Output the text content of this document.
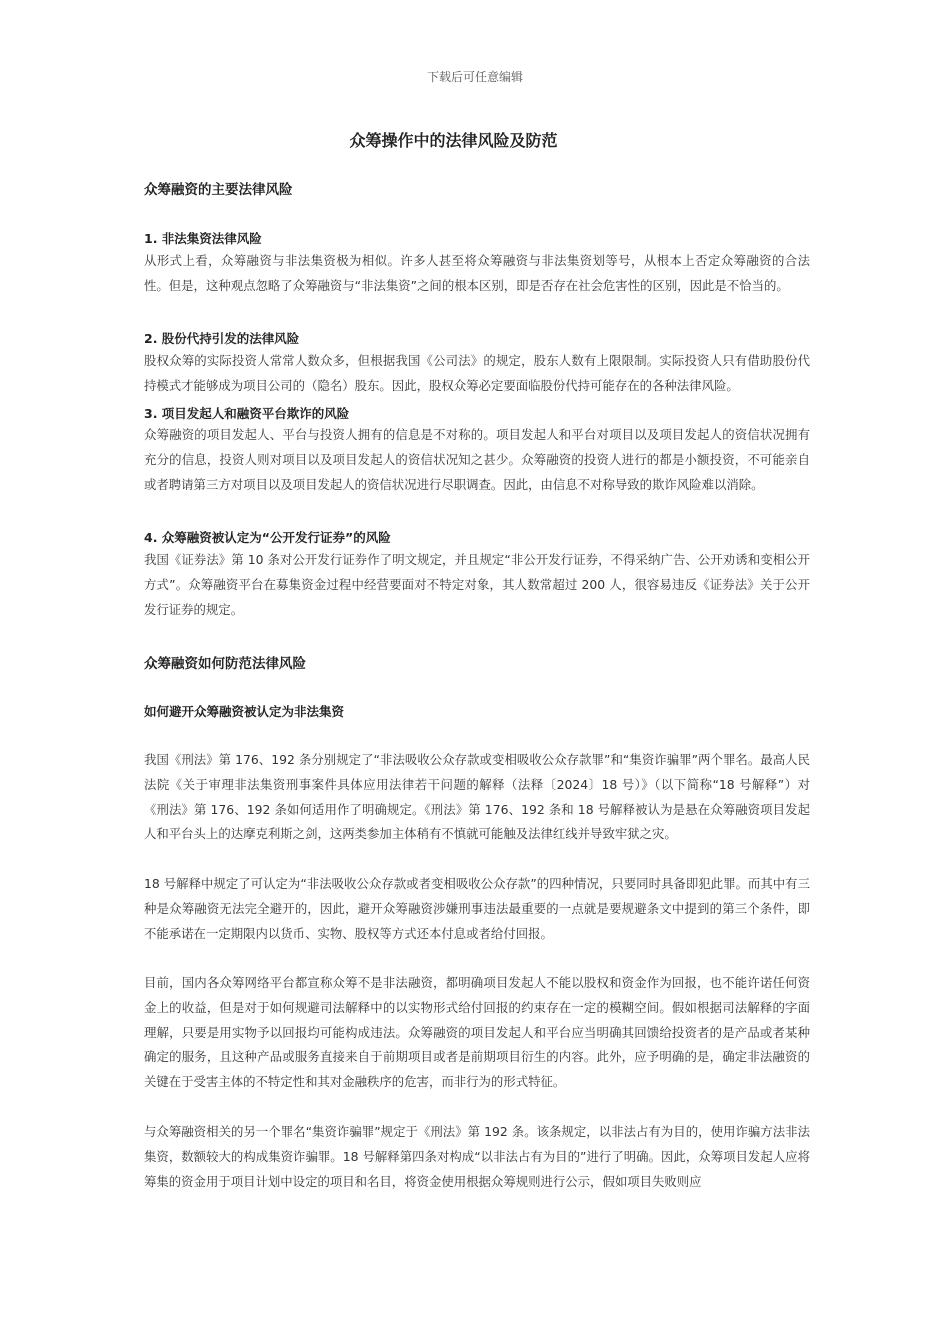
下载后可任意编辑
众筹操作中的法律风险及防范
众筹融资的主要法律风险
1. 非法集资法律风险

从形式上看，众筹融资与非法集资极为相似。许多人甚至将众筹融资与非法集资划等号，从根本上否定众筹融资的合法性。但是，这种观点忽略了众筹融资与“非法集资”之间的根本区别，即是否存在社会危害性的区别，因此是不恰当的。

2. 股份代持引发的法律风险

股权众筹的实际投资人常常人数众多，但根据我国《公司法》的规定，股东人数有上限限制。实际投资人只有借助股份代持模式才能够成为项目公司的（隐名）股东。因此，股权众筹必定要面临股份代持可能存在的各种法律风险。

3. 项目发起人和融资平台欺诈的风险

众筹融资的项目发起人、平台与投资人拥有的信息是不对称的。项目发起人和平台对项目以及项目发起人的资信状况拥有充分的信息，投资人则对项目以及项目发起人的资信状况知之甚少。众筹融资的投资人进行的都是小额投资，不可能亲自或者聘请第三方对项目以及项目发起人的资信状况进行尽职调查。因此，由信息不对称导致的欺诈风险难以消除。

4. 众筹融资被认定为“公开发行证券”的风险

我国《证券法》第 10 条对公开发行证券作了明文规定，并且规定“非公开发行证券，不得采纳广告、公开劝诱和变相公开方式”。众筹融资平台在募集资金过程中经营要面对不特定对象，其人数常超过 200 人，很容易违反《证券法》关于公开发行证券的规定。

众筹融资如何防范法律风险
如何避开众筹融资被认定为非法集资

我国《刑法》第 176、192 条分别规定了“非法吸收公众存款或变相吸收公众存款罪”和“集资诈骗罪”两个罪名。最高人民法院《关于审理非法集资刑事案件具体应用法律若干问题的解释（法释〔2024〕18 号）》（以下简称“18 号解释”）对《刑法》第 176、192 条如何适用作了明确规定。《刑法》第 176、192 条和 18 号解释被认为是悬在众筹融资项目发起人和平台头上的达摩克利斯之剑，这两类参加主体稍有不慎就可能触及法律红线并导致牢狱之灾。

18 号解释中规定了可认定为“非法吸收公众存款或者变相吸收公众存款”的四种情况，只要同时具备即犯此罪。而其中有三种是众筹融资无法完全避开的，因此，避开众筹融资涉嫌刑事违法最重要的一点就是要规避条文中提到的第三个条件，即不能承诺在一定期限内以货币、实物、股权等方式还本付息或者给付回报。

目前，国内各众筹网络平台都宣称众筹不是非法融资，都明确项目发起人不能以股权和资金作为回报，也不能许诺任何资金上的收益，但是对于如何规避司法解释中的以实物形式给付回报的约束存在一定的模糊空间。假如根据司法解释的字面理解，只要是用实物予以回报均可能构成违法。众筹融资的项目发起人和平台应当明确其回馈给投资者的是产品或者某种确定的服务，且这种产品或服务直接来自于前期项目或者是前期项目衍生的内容。此外，应予明确的是，确定非法融资的关键在于受害主体的不特定性和其对金融秩序的危害，而非行为的形式特征。

与众筹融资相关的另一个罪名“集资诈骗罪”规定于《刑法》第 192 条。该条规定，以非法占有为目的，使用诈骗方法非法集资，数额较大的构成集资诈骗罪。18 号解释第四条对构成“以非法占有为目的”进行了明确。因此，众筹项目发起人应将筹集的资金用于项目计划中设定的项目和名目，将资金使用根据众筹规则进行公示，假如项目失败则应
